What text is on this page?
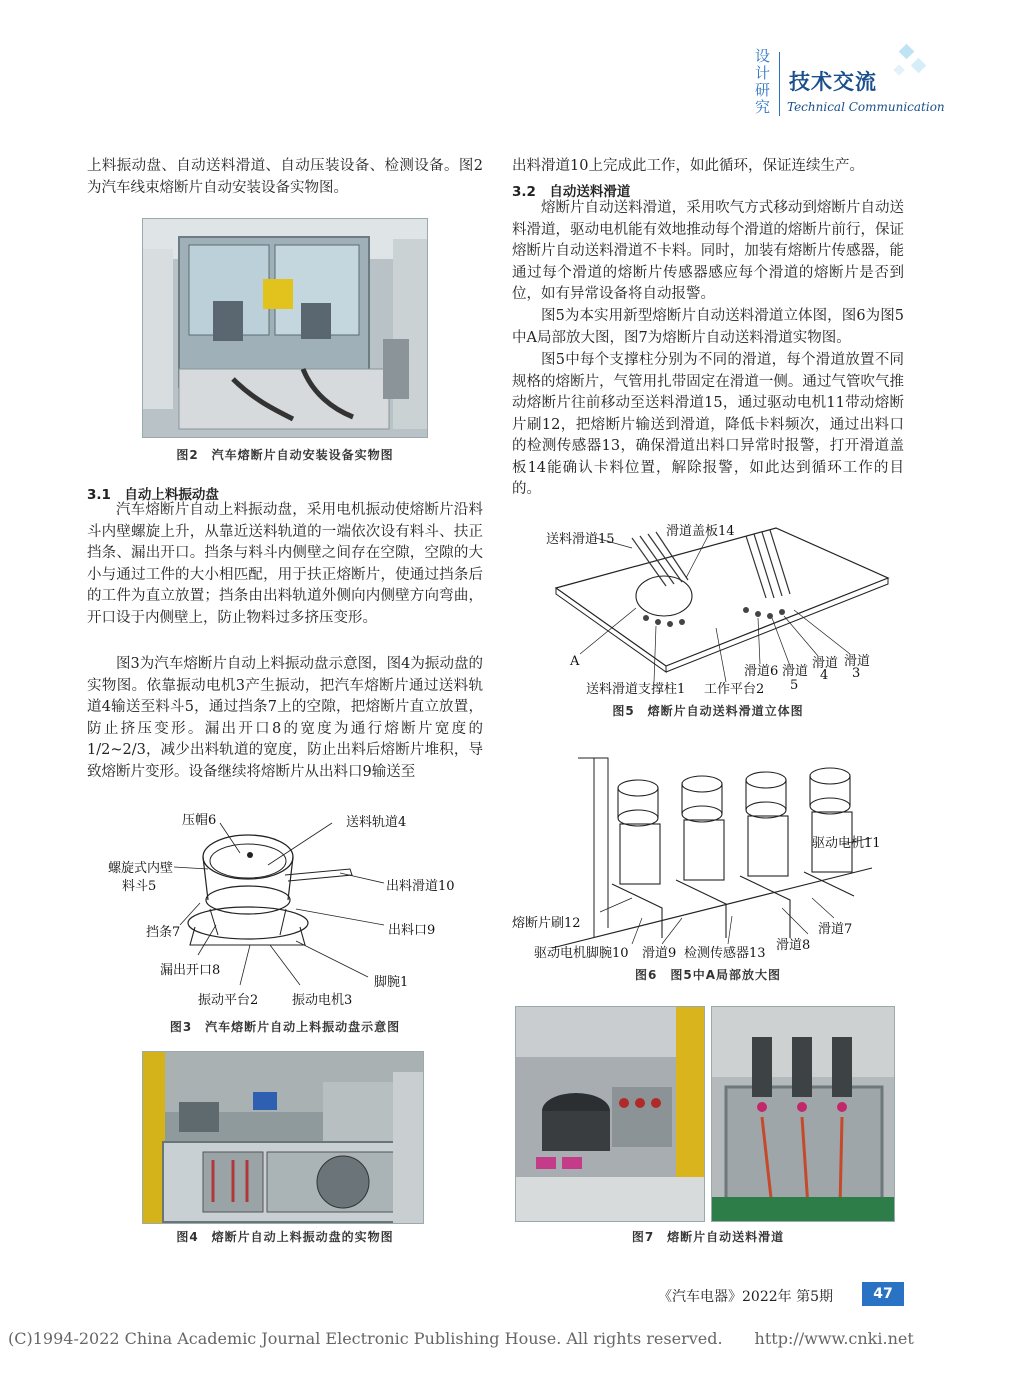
设计研究
技术交流
Technical Communication

上料振动盘、自动送料滑道、自动压装设备、检测设备。图2为汽车线束熔断片自动安装设备实物图。

图2　汽车熔断片自动安装设备实物图
3.1　自动上料振动盘

汽车熔断片自动上料振动盘，采用电机振动使熔断片沿料斗内壁螺旋上升，从靠近送料轨道的一端依次设有料斗、扶正挡条、漏出开口。挡条与料斗内侧壁之间存在空隙，空隙的大小与通过工件的大小相匹配，用于扶正熔断片，使通过挡条后的工件为直立放置；挡条由出料轨道外侧向内侧壁方向弯曲，开口设于内侧壁上，防止物料过多挤压变形。

图3为汽车熔断片自动上料振动盘示意图，图4为振动盘的实物图。依靠振动电机3产生振动，把汽车熔断片通过送料轨道4输送至料斗5，通过挡条7上的空隙，把熔断片直立放置，防止挤压变形。漏出开口8的宽度为通行熔断片宽度的1/2~2/3，减少出料轨道的宽度，防止出料后熔断片堆积，导致熔断片变形。设备继续将熔断片从出料口9输送至

压帽6	送料轨道4
螺旋式内壁
料斗5	出料滑道10
挡条7	出料口9
漏出开口8
脚腕1
振动平台2	振动电机3
图3　汽车熔断片自动上料振动盘示意图
图4　熔断片自动上料振动盘的实物图

出料滑道10上完成此工作，如此循环，保证连续生产。

3.2　自动送料滑道

熔断片自动送料滑道，采用吹气方式移动到熔断片自动送料滑道，驱动电机能有效地推动每个滑道的熔断片前行，保证熔断片自动送料滑道不卡料。同时，加装有熔断片传感器，能通过每个滑道的熔断片传感器感应每个滑道的熔断片是否到位，如有异常设备将自动报警。

图5为本实用新型熔断片自动送料滑道立体图，图6为图5中A局部放大图，图7为熔断片自动送料滑道实物图。

图5中每个支撑柱分别为不同的滑道，每个滑道放置不同规格的熔断片，气管用扎带固定在滑道一侧。通过气管吹气推动熔断片往前移动至送料滑道15，通过驱动电机11带动熔断片刷12，把熔断片输送到滑道，降低卡料频次，通过出料口的检测传感器13，确保滑道出料口异常时报警，打开滑道盖板14能确认卡料位置，解除报警，如此达到循环工作的目的。

送料滑道15
滑道盖板14
A
送料滑道支撑柱1 工作平台2
滑道6 滑道
5
滑道
4
滑道
3
图5　熔断片自动送料滑道立体图
驱动电机11
熔断片刷12	滑道7
滑道8
驱动电机脚腕10 滑道9 检测传感器13
图6　图5中A局部放大图
图7　熔断片自动送料滑道
《汽车电器》2022年 第5期	47
(C)1994-2022 China Academic Journal Electronic Publishing House. All rights reserved.　　http://www.cnki.net
